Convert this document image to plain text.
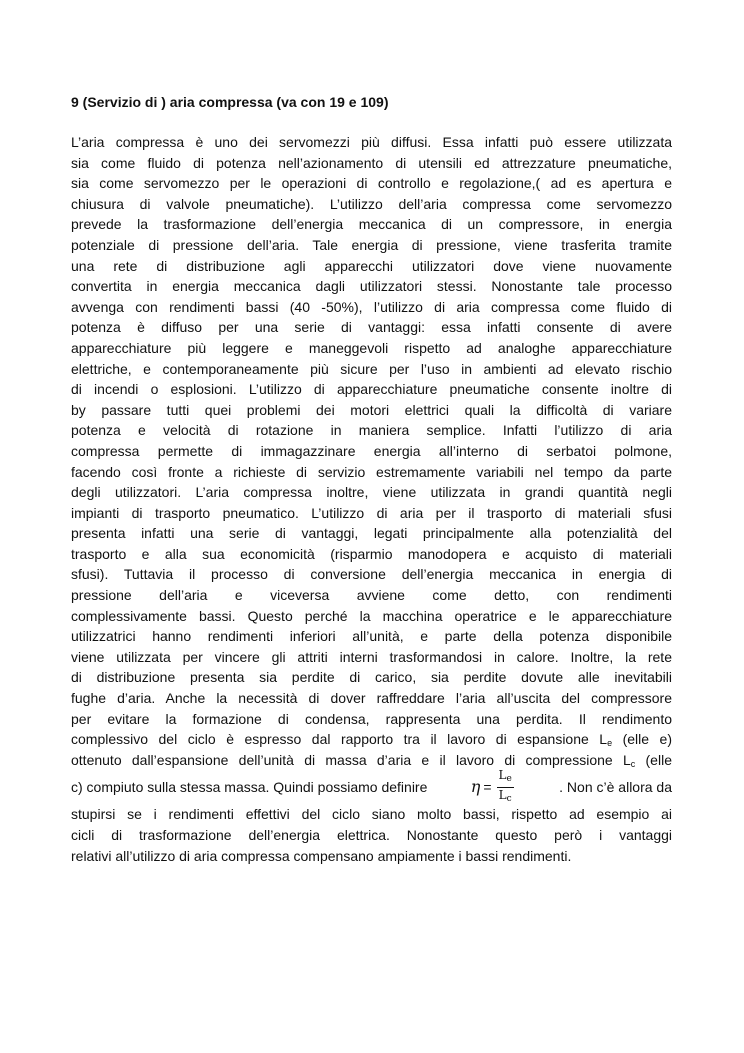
9 (Servizio di ) aria compressa (va con 19 e 109)
L’aria compressa è uno dei servomezzi più diffusi. Essa infatti può essere utilizzata
sia come fluido di potenza nell’azionamento di utensili ed attrezzature pneumatiche,
sia come servomezzo per le operazioni di controllo e regolazione,( ad es apertura e
chiusura di valvole pneumatiche). L’utilizzo dell’aria compressa come servomezzo
prevede la trasformazione dell’energia meccanica di un compressore, in energia
potenziale di pressione dell’aria. Tale energia di pressione, viene trasferita tramite
una rete di distribuzione agli apparecchi utilizzatori dove viene nuovamente
convertita in energia meccanica dagli utilizzatori stessi. Nonostante tale processo
avvenga con rendimenti bassi (40 -50%), l’utilizzo di aria compressa come fluido di
potenza è diffuso per una serie di vantaggi: essa infatti consente di avere
apparecchiature più leggere e maneggevoli rispetto ad analoghe apparecchiature
elettriche, e contemporaneamente più sicure per l’uso in ambienti ad elevato rischio
di incendi o esplosioni. L’utilizzo di apparecchiature pneumatiche consente inoltre di
by passare tutti quei problemi dei motori elettrici quali la difficoltà di variare
potenza e velocità di rotazione in maniera semplice. Infatti l’utilizzo di aria
compressa permette di immagazzinare energia all’interno di serbatoi polmone,
facendo così fronte a richieste di servizio estremamente variabili nel tempo da parte
degli utilizzatori. L’aria compressa inoltre, viene utilizzata in grandi quantità negli
impianti di trasporto pneumatico. L’utilizzo di aria per il trasporto di materiali sfusi
presenta infatti una serie di vantaggi, legati principalmente alla potenzialità del
trasporto e alla sua economicità (risparmio manodopera e acquisto di materiali
sfusi). Tuttavia il processo di conversione dell’energia meccanica in energia di
pressione dell’aria e viceversa avviene come detto, con rendimenti
complessivamente bassi. Questo perché la macchina operatrice e le apparecchiature
utilizzatrici hanno rendimenti inferiori all’unità, e parte della potenza disponibile
viene utilizzata per vincere gli attriti interni trasformandosi in calore. Inoltre, la rete
di distribuzione presenta sia perdite di carico, sia perdite dovute alle inevitabili
fughe d’aria. Anche la necessità di dover raffreddare l’aria all’uscita del compressore
per evitare la formazione di condensa, rappresenta una perdita. Il rendimento
complessivo del ciclo è espresso dal rapporto tra il lavoro di espansione $L_e$ (elle e)
ottenuto dall’espansione dell’unità di massa d’aria e il lavoro di compressione $L_c$ (elle
c) compiuto sulla stessa massa. Quindi possiamo definire	$\eta = \frac{L_e}{L_c}$	. Non c’è allora da
stupirsi se i rendimenti effettivi del ciclo siano molto bassi, rispetto ad esempio ai
cicli di trasformazione dell’energia elettrica. Nonostante questo però i vantaggi
relativi all’utilizzo di aria compressa compensano ampiamente i bassi rendimenti.
